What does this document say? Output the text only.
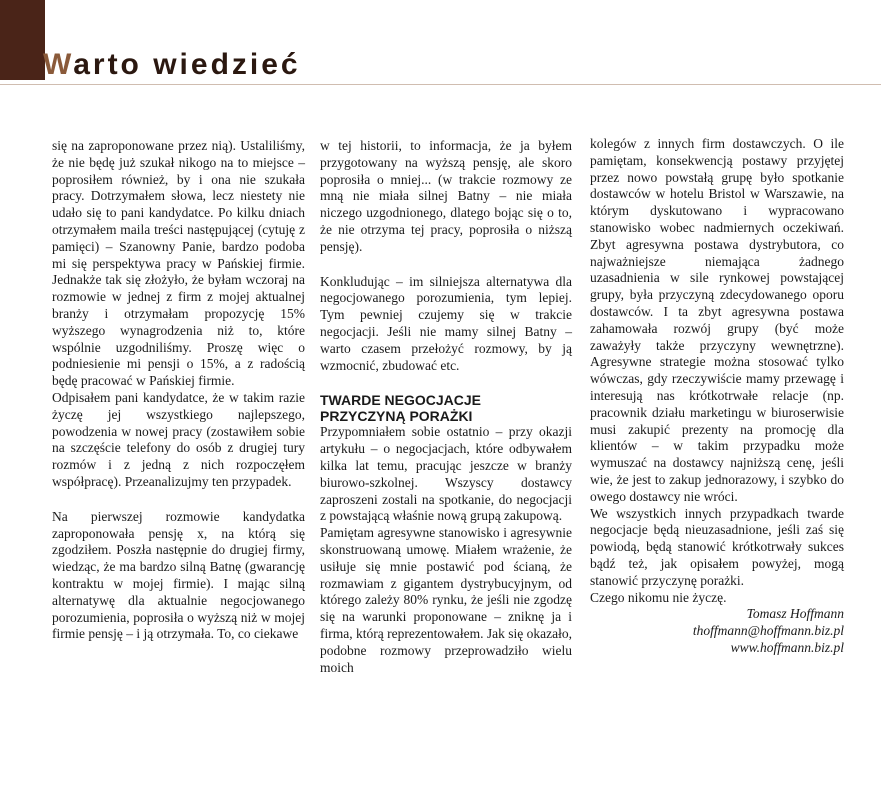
Warto wiedzieć

się na zaproponowane przez nią). Ustaliliśmy, że nie będę już szukał nikogo na to miejsce – poprosiłem również, by i ona nie szukała pracy. Dotrzymałem słowa, lecz niestety nie udało się to pani kandydatce. Po kilku dniach otrzymałem maila treści następującej (cytuję z pamięci) – Szanowny Panie, bardzo podoba mi się perspektywa pracy w Pańskiej firmie. Jednakże tak się złożyło, że byłam wczoraj na rozmowie w jednej z firm z mojej aktualnej branży i otrzymałam propozycję 15% wyższego wynagrodzenia niż to, które wspólnie uzgodniliśmy. Proszę więc o podniesienie mi pensji o 15%, a z radością będę pracować w Pańskiej firmie.

Odpisałem pani kandydatce, że w takim razie życzę jej wszystkiego najlepszego, powodzenia w nowej pracy (zostawiłem sobie na szczęście telefony do osób z drugiej tury rozmów i z jedną z nich rozpoczęłem współpracę). Przeanalizujmy ten przypadek.

Na pierwszej rozmowie kandydatka zaproponowała pensję x, na którą się zgodziłem. Poszła następnie do drugiej firmy, wiedząc, że ma bardzo silną Batnę (gwarancję kontraktu w mojej firmie). I mając silną alternatywę dla aktualnie negocjowanego porozumienia, poprosiła o wyższą niż w mojej firmie pensję – i ją otrzymała. To, co ciekawe

w tej historii, to informacja, że ja byłem przygotowany na wyższą pensję, ale skoro poprosiła o mniej... (w trakcie rozmowy ze mną nie miała silnej Batny – nie miała niczego uzgodnionego, dlatego bojąc się o to, że nie otrzyma tej pracy, poprosiła o niższą pensję).

Konkludując – im silniejsza alternatywa dla negocjowanego porozumienia, tym lepiej. Tym pewniej czujemy się w trakcie negocjacji. Jeśli nie mamy silnej Batny – warto czasem przełożyć rozmowy, by ją wzmocnić, zbudować etc.

TWARDE NEGOCJACJE
PRZYCZYNĄ PORAŻKI

Przypomniałem sobie ostatnio – przy okazji artykułu – o negocjacjach, które odbywałem kilka lat temu, pracując jeszcze w branży biurowo-szkolnej. Wszyscy dostawcy zaproszeni zostali na spotkanie, do negocjacji z powstającą właśnie nową grupą zakupową.

Pamiętam agresywne stanowisko i agresywnie skonstruowaną umowę. Miałem wrażenie, że usiłuje się mnie postawić pod ścianą, że rozmawiam z gigantem dystrybucyjnym, od którego zależy 80% rynku, że jeśli nie zgodzę się na warunki proponowane – zniknę ja i firma, którą reprezentowałem. Jak się okazało, podobne rozmowy przeprowadziło wielu moich

kolegów z innych firm dostawczych. O ile pamiętam, konsekwencją postawy przyjętej przez nowo powstałą grupę było spotkanie dostawców w hotelu Bristol w Warszawie, na którym dyskutowano i wypracowano stanowisko wobec nadmiernych oczekiwań. Zbyt agresywna postawa dystrybutora, co najważniejsze niemająca żadnego uzasadnienia w sile rynkowej powstającej grupy, była przyczyną zdecydowanego oporu dostawców. I ta zbyt agresywna postawa zahamowała rozwój grupy (być może zaważyły także przyczyny wewnętrzne). Agresywne strategie można stosować tylko wówczas, gdy rzeczywiście mamy przewagę i interesują nas krótkotrwałe relacje (np. pracownik działu marketingu w biuroserwisie musi zakupić prezenty na promocję dla klientów – w takim przypadku może wymuszać na dostawcy najniższą cenę, jeśli wie, że jest to zakup jednorazowy, i szybko do owego dostawcy nie wróci.

We wszystkich innych przypadkach twarde negocjacje będą nieuzasadnione, jeśli zaś się powiodą, będą stanowić krótkotrwały sukces bądź też, jak opisałem powyżej, mogą stanowić przyczynę porażki.

Czego nikomu nie życzę.

Tomasz Hoffmann

thoffmann@hoffmann.biz.pl

www.hoffmann.biz.pl
